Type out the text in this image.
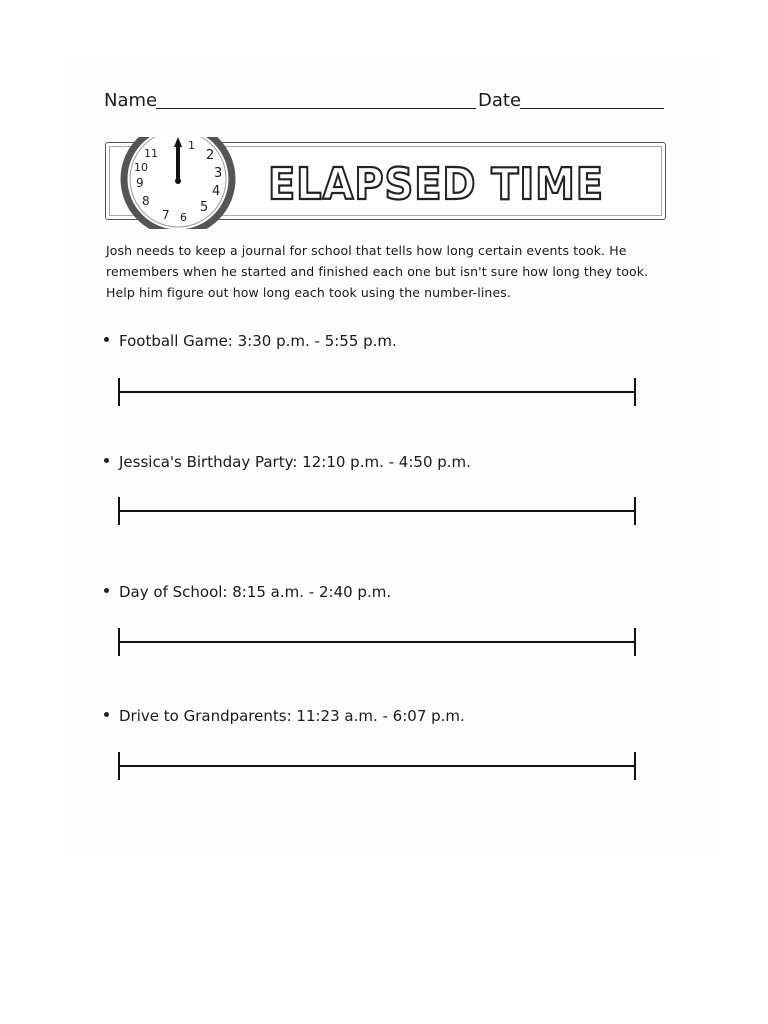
Name	Date
11
1
2
3
4
5
6
7
8
9
10	ELAPSED TIME
Josh needs to keep a journal for school that tells how long certain events took. He
remembers when he started and finished each one but isn't sure how long they took.
Help him figure out how long each took using the number-lines.
Football Game: 3:30 p.m. - 5:55 p.m.
Jessica's Birthday Party: 12:10 p.m. - 4:50 p.m.
Day of School: 8:15 a.m. - 2:40 p.m.
Drive to Grandparents: 11:23 a.m. - 6:07 p.m.
